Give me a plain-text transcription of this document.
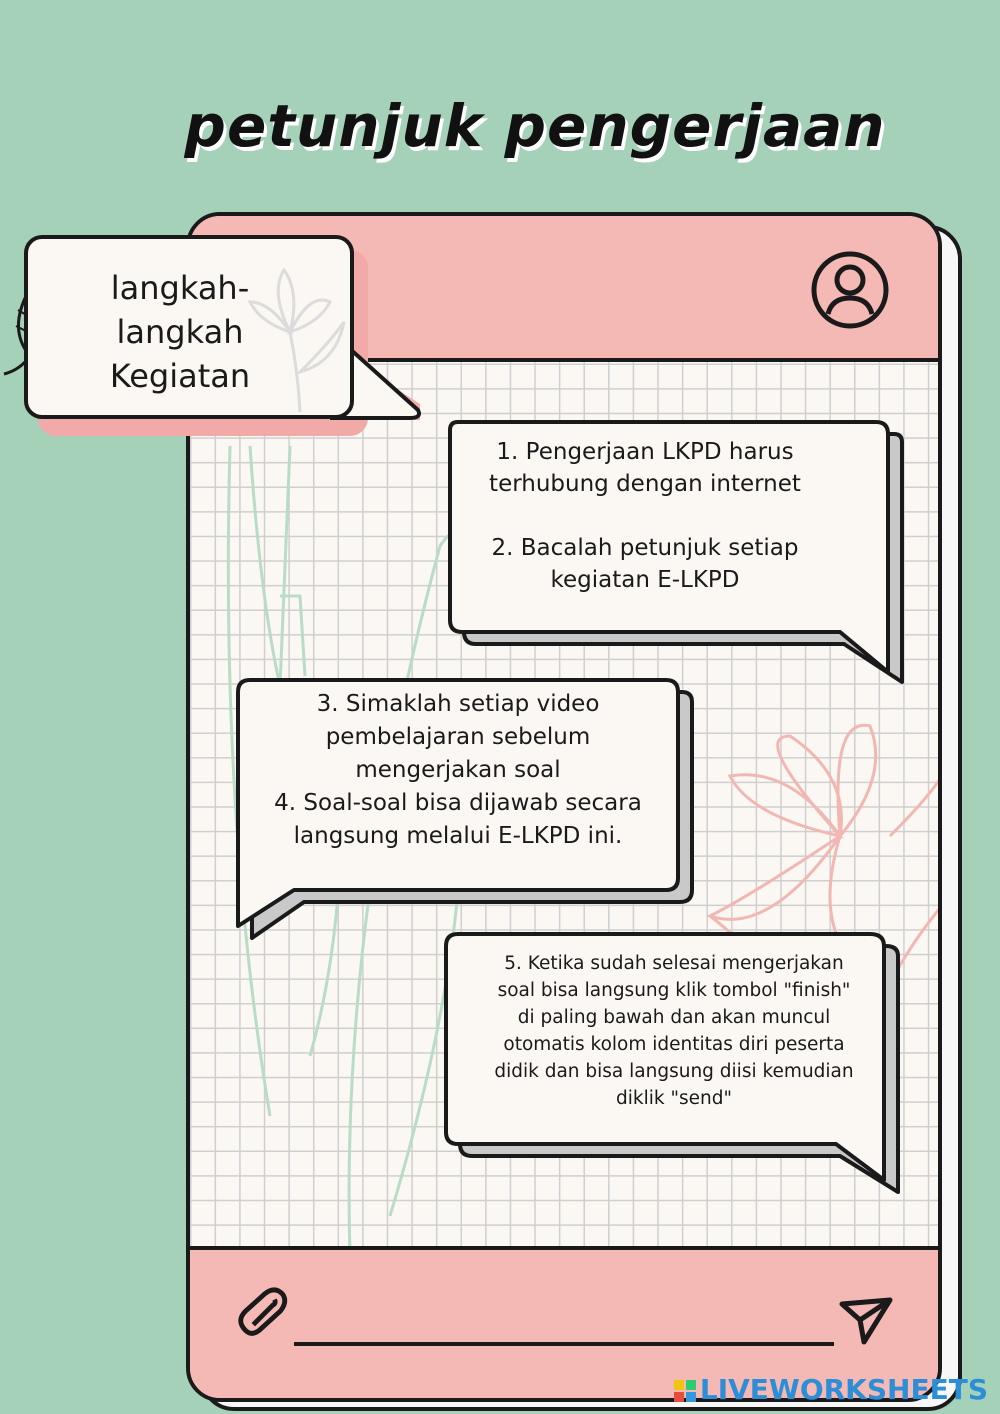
petunjuk pengerjaan
langkah-
langkah
Kegiatan
1. Pengerjaan LKPD harus
terhubung dengan internet

2. Bacalah petunjuk setiap
kegiatan E-LKPD
3. Simaklah setiap video
pembelajaran sebelum
mengerjakan soal
4. Soal-soal bisa dijawab secara
langsung melalui E-LKPD ini.
5. Ketika sudah selesai mengerjakan
soal bisa langsung klik tombol "finish"
di paling bawah dan akan muncul
otomatis kolom identitas diri peserta
didik dan bisa langsung diisi kemudian
diklik "send"
LIVEWORKSHEETS
